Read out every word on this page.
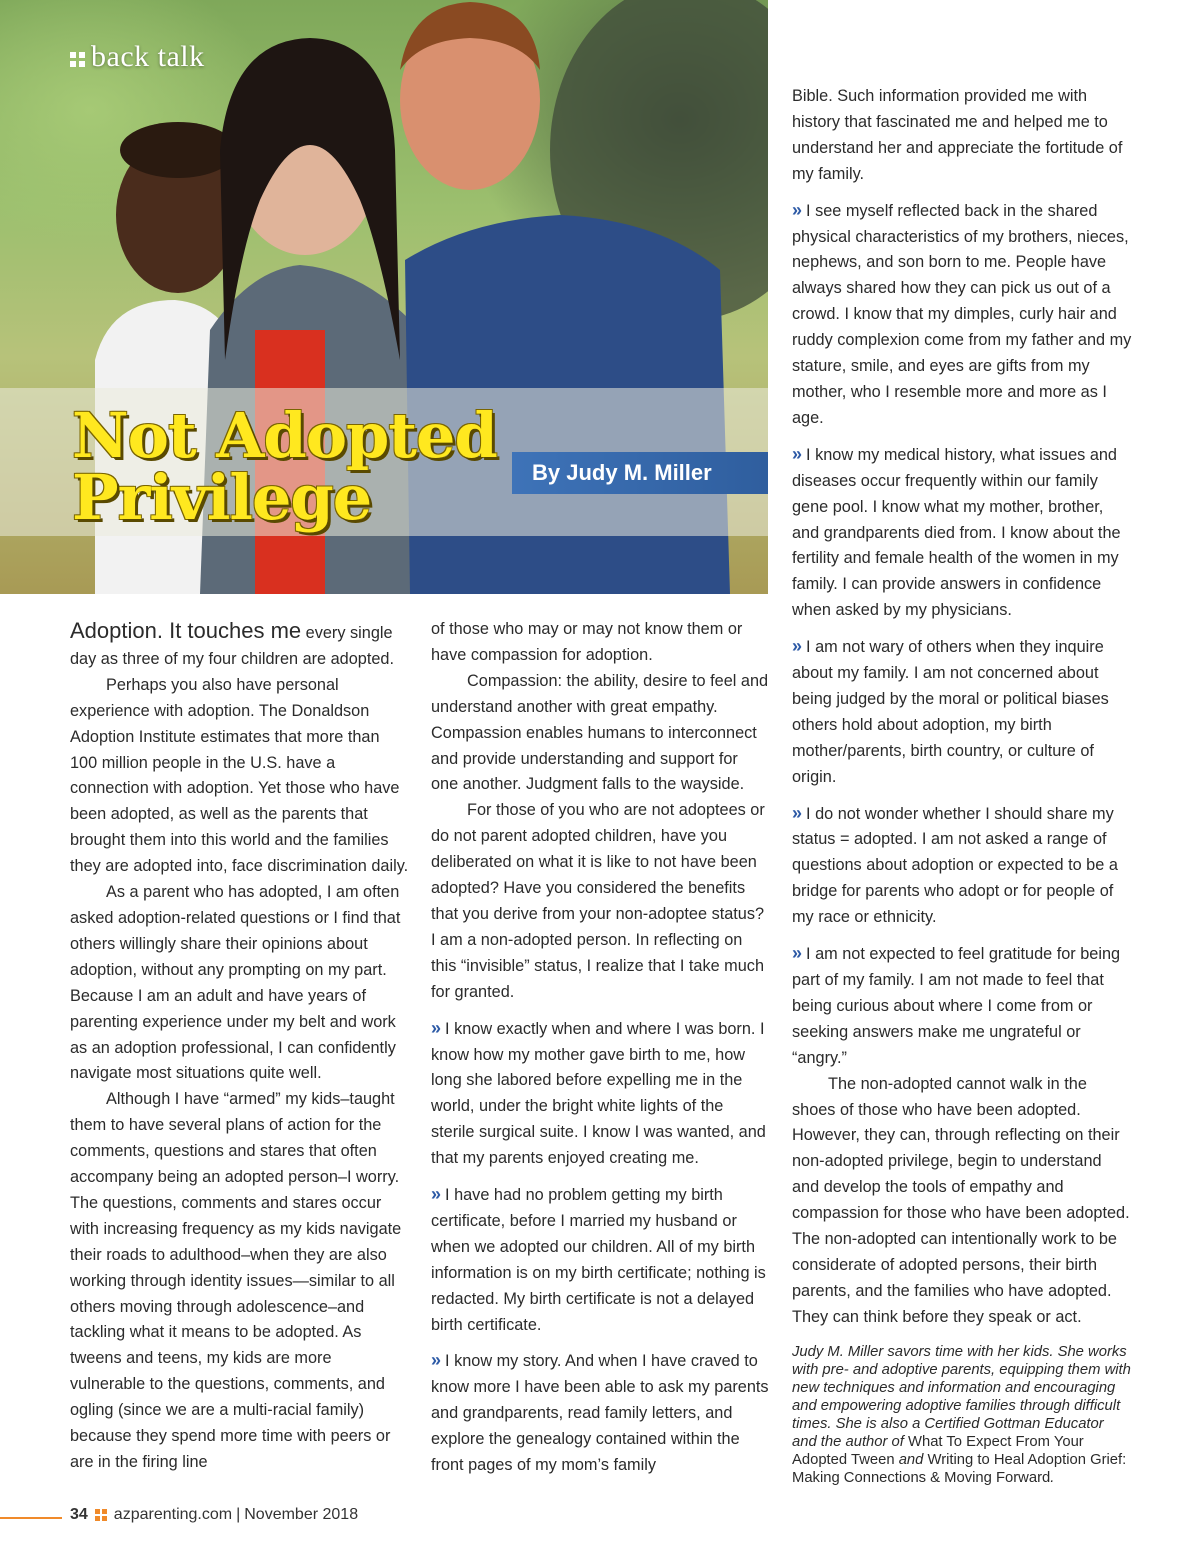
back talk
Not Adopted
Privilege	By Judy M. Miller

Adoption. It touches me every single day as three of my four children are adopted.

Perhaps you also have personal experience with adoption. The Donaldson Adoption Institute estimates that more than 100 million people in the U.S. have a connection with adoption. Yet those who have been adopted, as well as the parents that brought them into this world and the families they are adopted into, face discrimination daily.

As a parent who has adopted, I am often asked adoption-related questions or I find that others willingly share their opinions about adoption, without any prompting on my part. Because I am an adult and have years of parenting experience under my belt and work as an adoption professional, I can confidently navigate most situations quite well.

Although I have “armed” my kids–taught them to have several plans of action for the comments, questions and stares that often accompany being an adopted person–I worry. The questions, comments and stares occur with increasing frequency as my kids navigate their roads to adulthood–when they are also working through identity issues—similar to all others moving through adolescence–and tackling what it means to be adopted. As tweens and teens, my kids are more vulnerable to the questions, comments, and ogling (since we are a multi-racial family) because they spend more time with peers or are in the firing line

of those who may or may not know them or have compassion for adoption.

Compassion: the ability, desire to feel and understand another with great empathy. Compassion enables humans to interconnect and provide understanding and support for one another. Judgment falls to the wayside.

For those of you who are not adoptees or do not parent adopted children, have you deliberated on what it is like to not have been adopted? Have you considered the benefits that you derive from your non-adoptee status? I am a non-adopted person. In reflecting on this “invisible” status, I realize that I take much for granted.

» I know exactly when and where I was born. I know how my mother gave birth to me, how long she labored before expelling me in the world, under the bright white lights of the sterile surgical suite. I know I was wanted, and that my parents enjoyed creating me.

» I have had no problem getting my birth certificate, before I married my husband or when we adopted our children. All of my birth information is on my birth certificate; nothing is redacted. My birth certificate is not a delayed birth certificate.

» I know my story. And when I have craved to know more I have been able to ask my parents and grandparents, read family letters, and explore the genealogy contained within the front pages of my mom’s family

Bible. Such information provided me with history that fascinated me and helped me to understand her and appreciate the fortitude of my family.

» I see myself reflected back in the shared physical characteristics of my brothers, nieces, nephews, and son born to me. People have always shared how they can pick us out of a crowd. I know that my dimples, curly hair and ruddy complexion come from my father and my stature, smile, and eyes are gifts from my mother, who I resemble more and more as I age.

» I know my medical history, what issues and diseases occur frequently within our family gene pool. I know what my mother, brother, and grandparents died from. I know about the fertility and female health of the women in my family. I can provide answers in confidence when asked by my physicians.

» I am not wary of others when they inquire about my family. I am not concerned about being judged by the moral or political biases others hold about adoption, my birth mother/parents, birth country, or culture of origin.

» I do not wonder whether I should share my status = adopted. I am not asked a range of questions about adoption or expected to be a bridge for parents who adopt or for people of my race or ethnicity.

» I am not expected to feel gratitude for being part of my family. I am not made to feel that being curious about where I come from or seeking answers make me ungrateful or “angry.”

The non-adopted cannot walk in the shoes of those who have been adopted. However, they can, through reflecting on their non-adopted privilege, begin to understand and develop the tools of empathy and compassion for those who have been adopted. The non-adopted can intentionally work to be considerate of adopted persons, their birth parents, and the families who have adopted. They can think before they speak or act.

Judy M. Miller savors time with her kids. She works with pre- and adoptive parents, equipping them with new techniques and information and encouraging and empowering adoptive families through difficult times. She is also a Certified Gottman Educator and the author of What To Expect From Your Adopted Tween and Writing to Heal Adoption Grief: Making Connections & Moving Forward.

34 azparenting.com | November 2018
